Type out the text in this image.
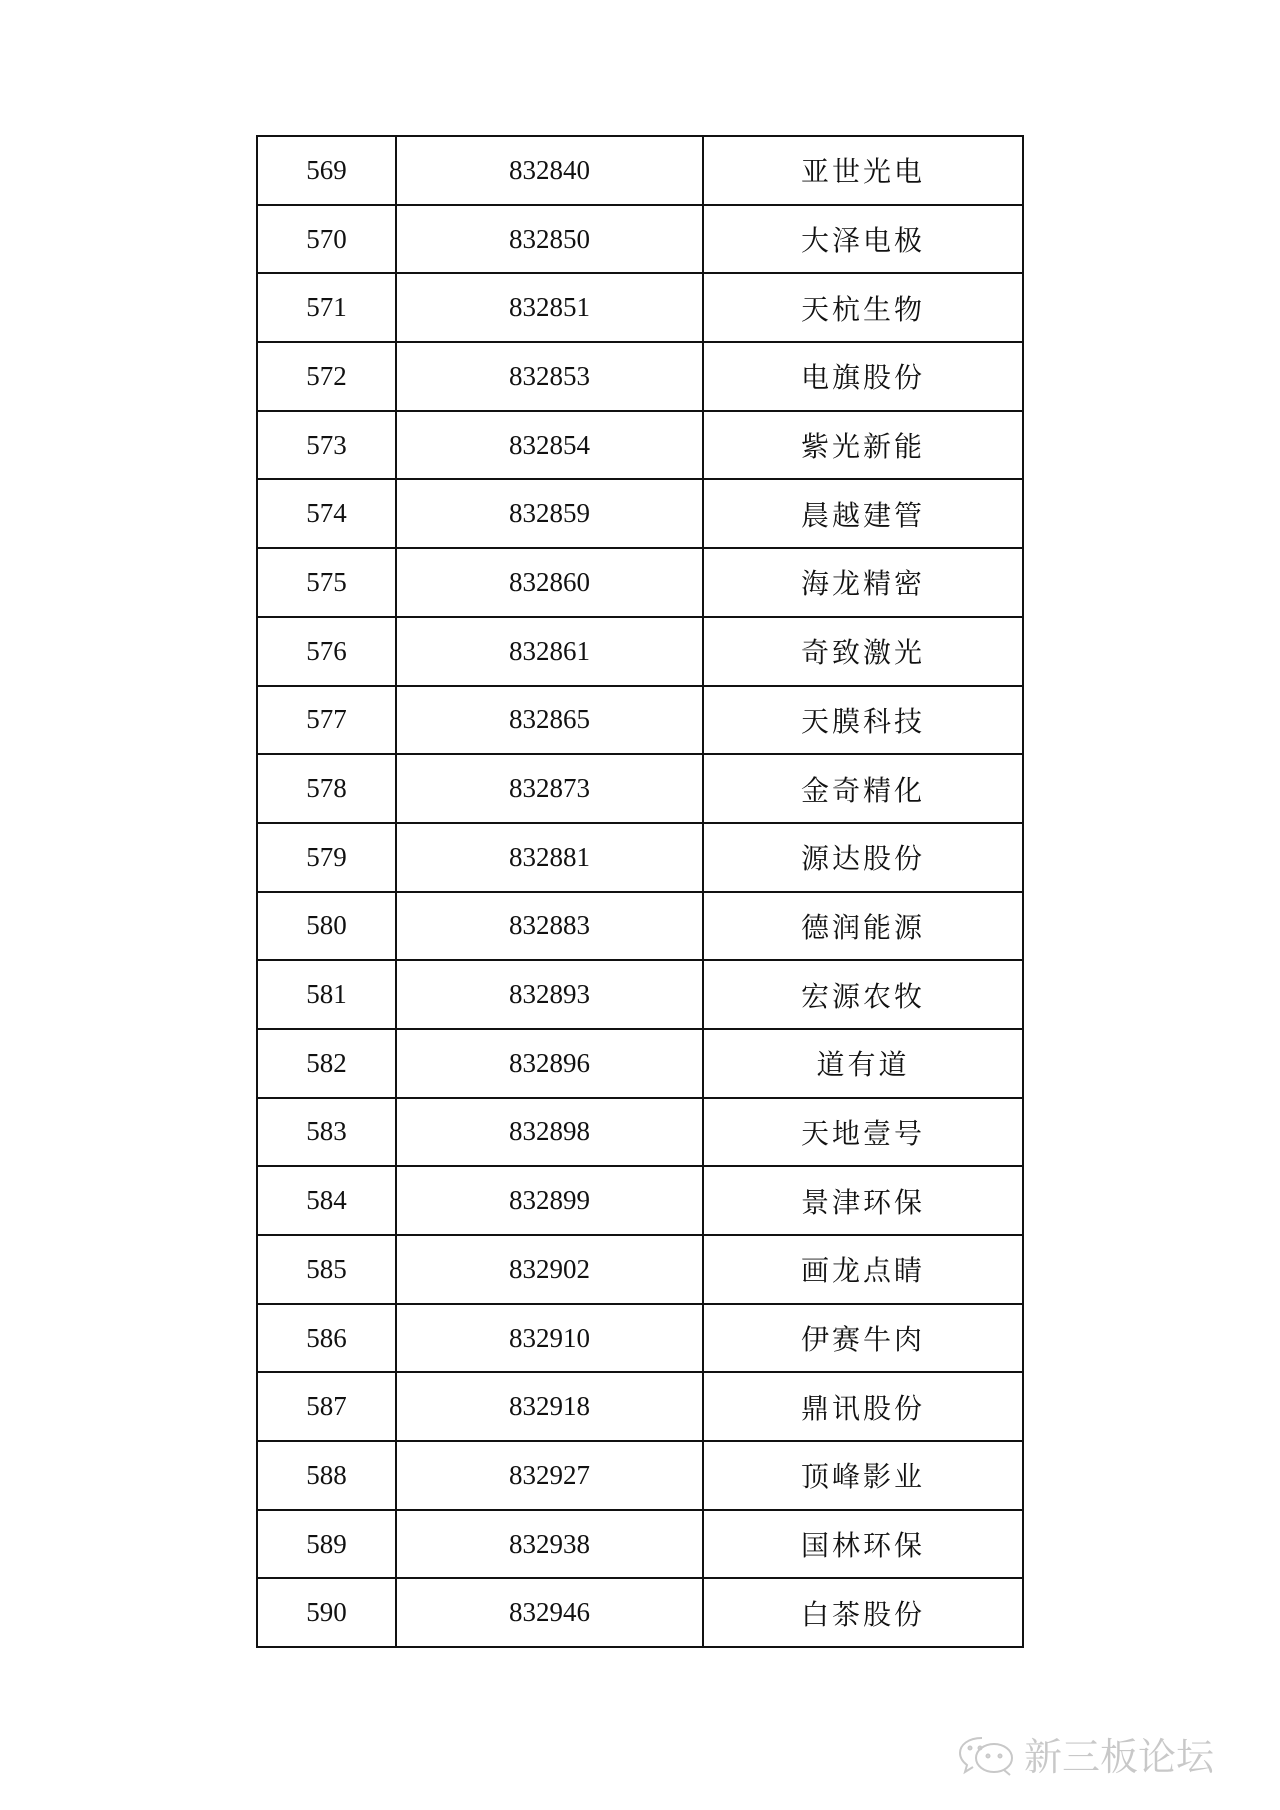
569	832840	亚世光电
570	832850	大泽电极
571	832851	天杭生物
572	832853	电旗股份
573	832854	紫光新能
574	832859	晨越建管
575	832860	海龙精密
576	832861	奇致激光
577	832865	天膜科技
578	832873	金奇精化
579	832881	源达股份
580	832883	德润能源
581	832893	宏源农牧
582	832896	道有道
583	832898	天地壹号
584	832899	景津环保
585	832902	画龙点睛
586	832910	伊赛牛肉
587	832918	鼎讯股份
588	832927	顶峰影业
589	832938	国林环保
590	832946	白茶股份
新三板论坛
